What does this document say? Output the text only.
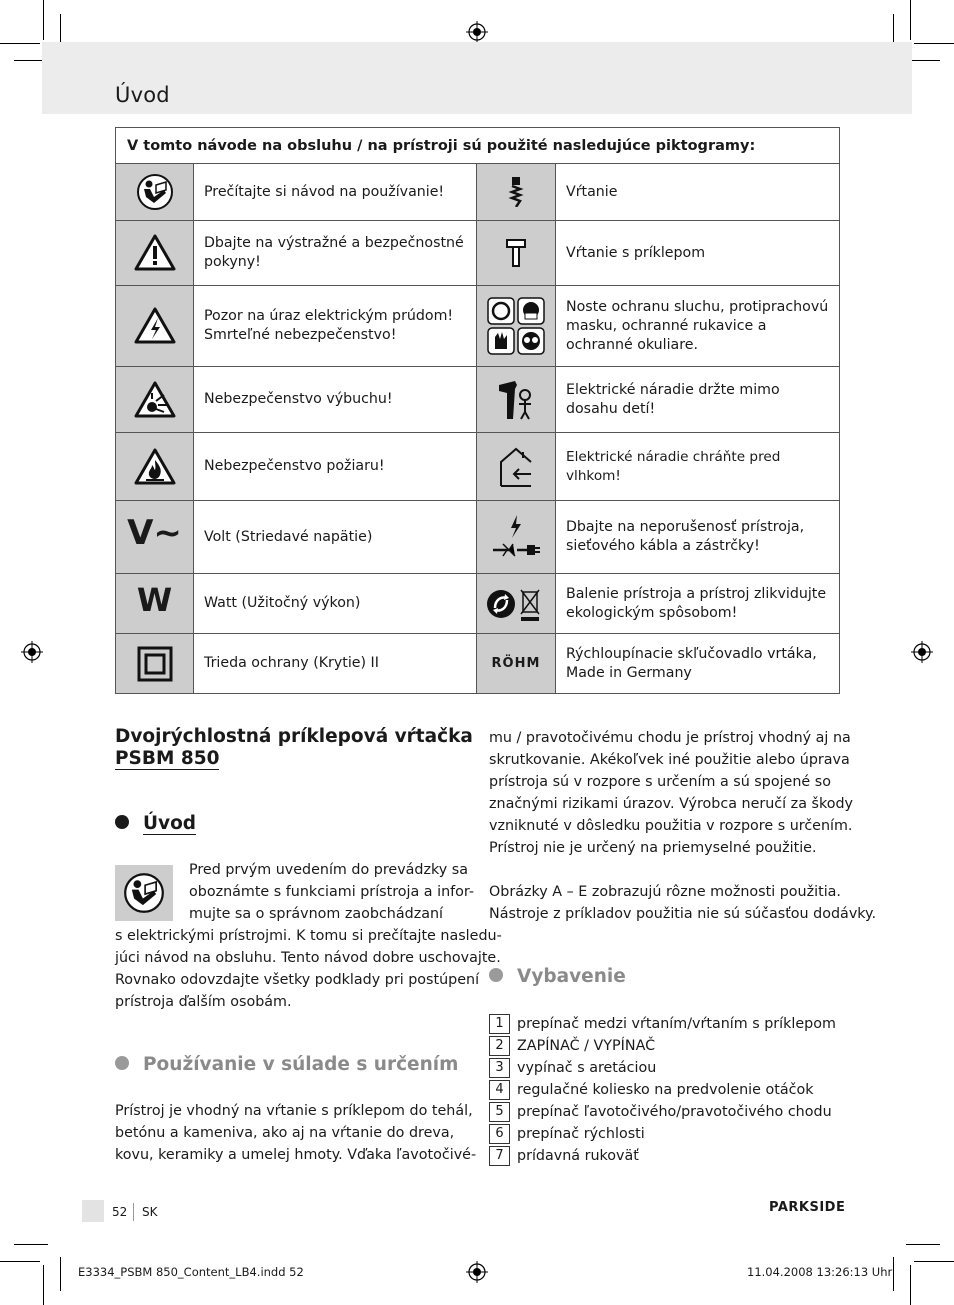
Úvod
V tomto návode na obsluhu / na prístroji sú použité nasledujúce piktogramy:			

	Prečítajte si návod na používanie!		Vŕtanie

	Dbajte na výstražné a bezpečnostné pokyny!		Vŕtanie s príklepom

	Pozor na úraz elektrickým prúdom! Smrteľné nebezpečenstvo!		Noste ochranu sluchu, protiprachovú masku, ochranné rukavice a ochranné okuliare.

	Nebezpečenstvo výbuchu!		Elektrické náradie držte mimo dosahu detí!

	Nebezpečenstvo požiaru!		Elektrické náradie chráňte pred vlhkom!
V~	Volt (Striedavé napätie)		Dbajte na neporušenosť prístroja, sieťového kábla a zástrčky!
W	Watt (Užitočný výkon)		Balenie prístroja a prístroj zlikvidujte ekologickým spôsobom!

	Trieda ochrany (Krytie) II	RÖHM	Rýchloupínacie skľučovadlo vrtáka, Made in Germany
Dvojrýchlostná príklepová vŕtačka
PSBM 850
Úvod
Pred prvým uvedením do prevádzky sa
oboznámte s funkciami prístroja a infor-
mujte sa o správnom zaobchádzaní
s elektrickými prístrojmi. K tomu si prečítajte nasledu-
júci návod na obsluhu. Tento návod dobre uschovajte.
Rovnako odovzdajte všetky podklady pri postúpení
prístroja ďalším osobám.
Používanie v súlade s určením
Prístroj je vhodný na vŕtanie s príklepom do tehál,
betónu a kameniva, ako aj na vŕtanie do dreva,
kovu, keramiky a umelej hmoty. Vďaka ľavotočivé-
mu / pravotočivému chodu je prístroj vhodný aj na
skrutkovanie. Akékoľvek iné použitie alebo úprava
prístroja sú v rozpore s určením a sú spojené so
značnými rizikami úrazov. Výrobca neručí za škody
vzniknuté v dôsledku použitia v rozpore s určením.
Prístroj nie je určený na priemyselné použitie.
Obrázky A – E zobrazujú rôzne možnosti použitia.
Nástroje z príkladov použitia nie sú súčasťou dodávky.
Vybavenie
1 prepínač medzi vŕtaním/vŕtaním s príklepom
2 ZAPÍNAČ / VYPÍNAČ
3 vypínač s aretáciou
4 regulačné koliesko na predvolenie otáčok
5 prepínač ľavotočivého/pravotočivého chodu
6 prepínač rýchlosti
7 prídavná rukoväť
52 SK	PARKSIDE
E3334_PSBM 850_Content_LB4.indd 52	11.04.2008 13:26:13 Uhr
